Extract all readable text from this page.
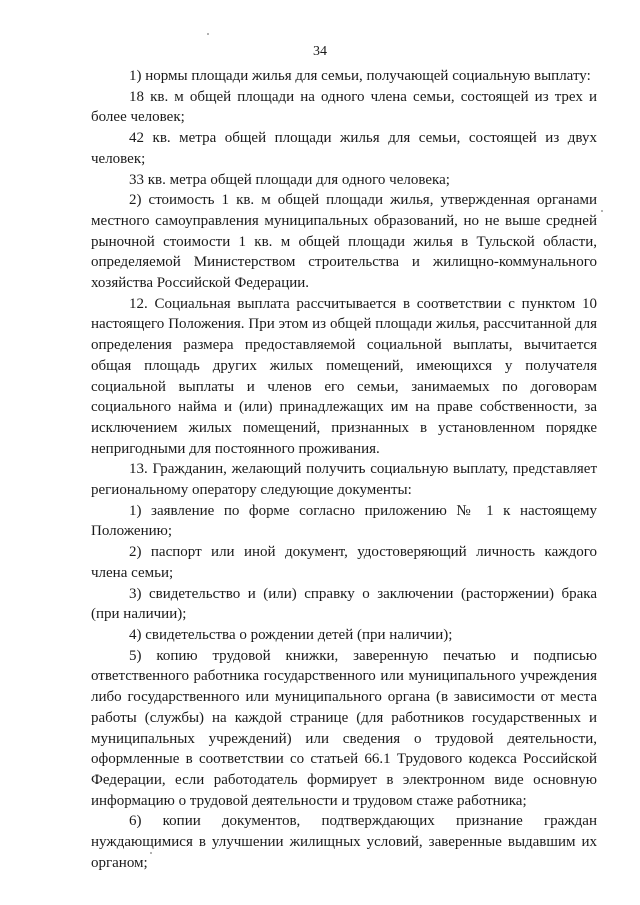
34

1) нормы площади жилья для семьи, получающей социальную выплату:

18 кв. м общей площади на одного члена семьи, состоящей из трех и более человек;

42 кв. метра общей площади жилья для семьи, состоящей из двух человек;

33 кв. метра общей площади для одного человека;

2) стоимость 1 кв. м общей площади жилья, утвержденная органами местного самоуправления муниципальных образований, но не выше средней рыночной стоимости 1 кв. м общей площади жилья в Тульской области, определяемой Министерством строительства и жилищно-коммунального хозяйства Российской Федерации.

12. Социальная выплата рассчитывается в соответствии с пунктом 10 настоящего Положения. При этом из общей площади жилья, рассчитанной для определения размера предоставляемой социальной выплаты, вычитается общая площадь других жилых помещений, имеющихся у получателя социальной выплаты и членов его семьи, занимаемых по договорам социального найма и (или) принадлежащих им на праве собственности, за исключением жилых помещений, признанных в установленном порядке непригодными для постоянного проживания.

13. Гражданин, желающий получить социальную выплату, представляет региональному оператору следующие документы:

1) заявление по форме согласно приложению № 1 к настоящему Положению;

2) паспорт или иной документ, удостоверяющий личность каждого члена семьи;

3) свидетельство и (или) справку о заключении (расторжении) брака (при наличии);

4) свидетельства о рождении детей (при наличии);

5) копию трудовой книжки, заверенную печатью и подписью ответственного работника государственного или муниципального учреждения либо государственного или муниципального органа (в зависимости от места работы (службы) на каждой странице (для работников государственных и муниципальных учреждений) или сведения о трудовой деятельности, оформленные в соответствии со статьей 66.1 Трудового кодекса Российской Федерации, если работодатель формирует в электронном виде основную информацию о трудовой деятельности и трудовом стаже работника;

6) копии документов, подтверждающих признание граждан нуждающимися в улучшении жилищных условий, заверенные выдавшим их органом;
